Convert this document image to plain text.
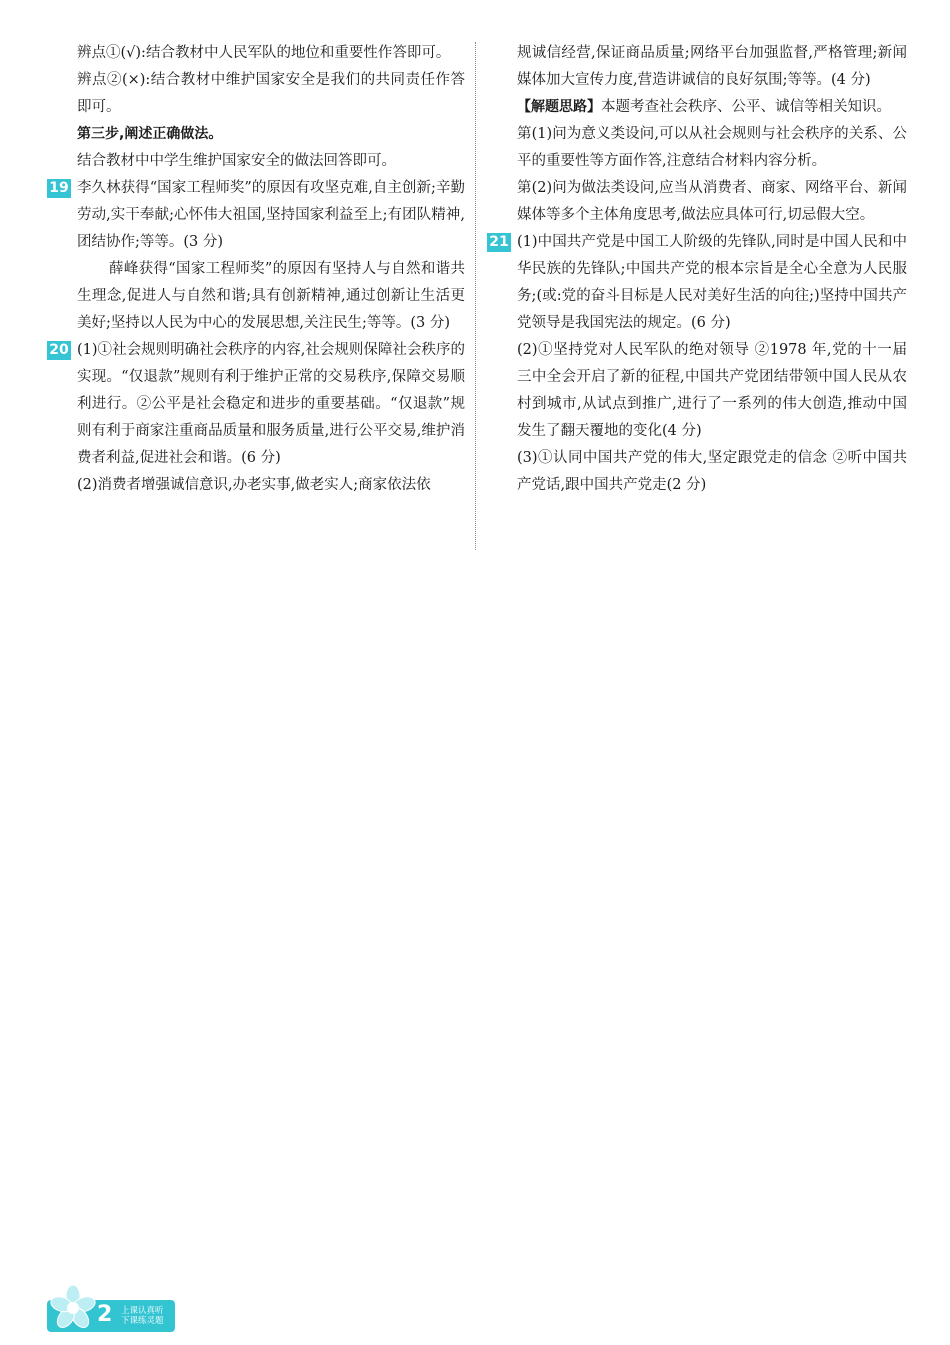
辨点①(√):结合教材中人民军队的地位和重要性作答即可。

辨点②(×):结合教材中维护国家安全是我们的共同责任作答即可。

第三步,阐述正确做法。

结合教材中中学生维护国家安全的做法回答即可。

19 李久林获得“国家工程师奖”的原因有攻坚克难,自主创新;辛勤劳动,实干奉献;心怀伟大祖国,坚持国家利益至上;有团队精神,团结协作;等等。(3 分)

薛峰获得“国家工程师奖”的原因有坚持人与自然和谐共生理念,促进人与自然和谐;具有创新精神,通过创新让生活更美好;坚持以人民为中心的发展思想,关注民生;等等。(3 分)

20 (1)①社会规则明确社会秩序的内容,社会规则保障社会秩序的实现。“仅退款”规则有利于维护正常的交易秩序,保障交易顺利进行。②公平是社会稳定和进步的重要基础。“仅退款”规则有利于商家注重商品质量和服务质量,进行公平交易,维护消费者利益,促进社会和谐。(6 分)

(2)消费者增强诚信意识,办老实事,做老实人;商家依法依

规诚信经营,保证商品质量;网络平台加强监督,严格管理;新闻媒体加大宣传力度,营造讲诚信的良好氛围;等等。(4 分)

【解题思路】本题考查社会秩序、公平、诚信等相关知识。

第(1)问为意义类设问,可以从社会规则与社会秩序的关系、公平的重要性等方面作答,注意结合材料内容分析。

第(2)问为做法类设问,应当从消费者、商家、网络平台、新闻媒体等多个主体角度思考,做法应具体可行,切忌假大空。

21 (1)中国共产党是中国工人阶级的先锋队,同时是中国人民和中华民族的先锋队;中国共产党的根本宗旨是全心全意为人民服务;(或:党的奋斗目标是人民对美好生活的向往;)坚持中国共产党领导是我国宪法的规定。(6 分)

(2)①坚持党对人民军队的绝对领导 ②1978 年,党的十一届三中全会开启了新的征程,中国共产党团结带领中国人民从农村到城市,从试点到推广,进行了一系列的伟大创造,推动中国发生了翻天覆地的变化(4 分)

(3)①认同中国共产党的伟大,坚定跟党走的信念 ②听中国共产党话,跟中国共产党走(2 分)

2 上课认真听
下课练灵题
